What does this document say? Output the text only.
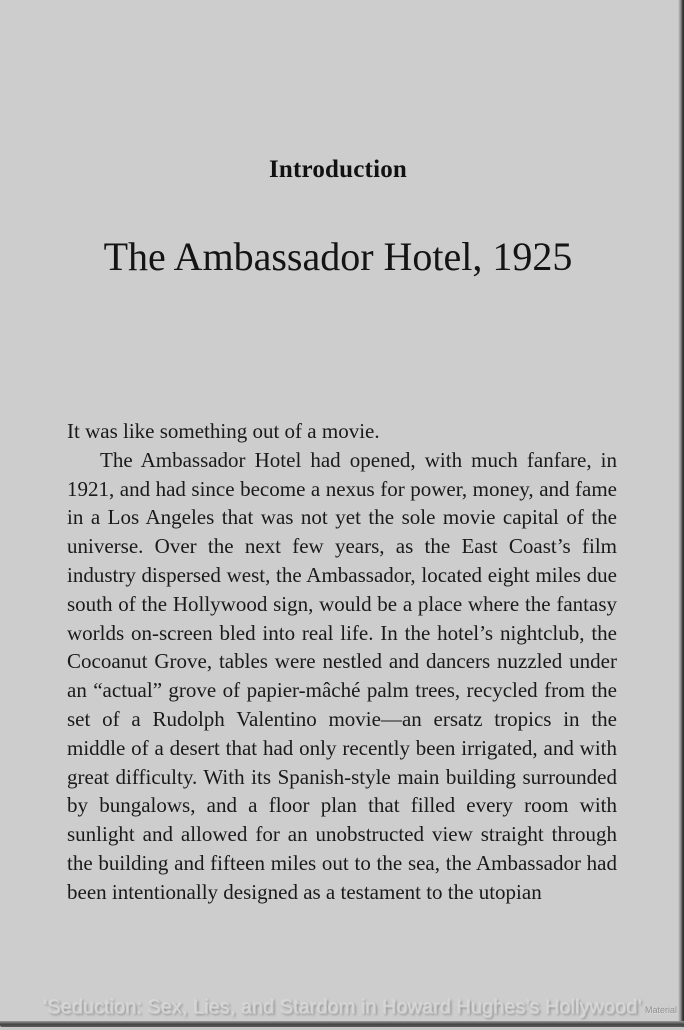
Introduction
The Ambassador Hotel, 1925

It was like something out of a movie.

The Ambassador Hotel had opened, with much fanfare, in 1921, and had since become a nexus for power, money, and fame in a Los Angeles that was not yet the sole movie capital of the universe. Over the next few years, as the East Coast’s film industry dispersed west, the Ambassador, located eight miles due south of the Hollywood sign, would be a place where the fantasy worlds on-screen bled into real life. In the hotel’s nightclub, the Cocoanut Grove, tables were nestled and dancers nuzzled under an “actual” grove of papier-mâché palm trees, recycled from the set of a Rudolph Valentino movie—an ersatz tropics in the middle of a desert that had only recently been irrigated, and with great difficulty. With its Spanish-style main building surrounded by bungalows, and a floor plan that filled every room with sunlight and allowed for an unobstructed view straight through the building and fifteen miles out to the sea, the Ambassador had been intentionally designed as a testament to the utopian

‘Seduction: Sex, Lies, and Stardom in Howard Hughes’s Hollywood’ Material
